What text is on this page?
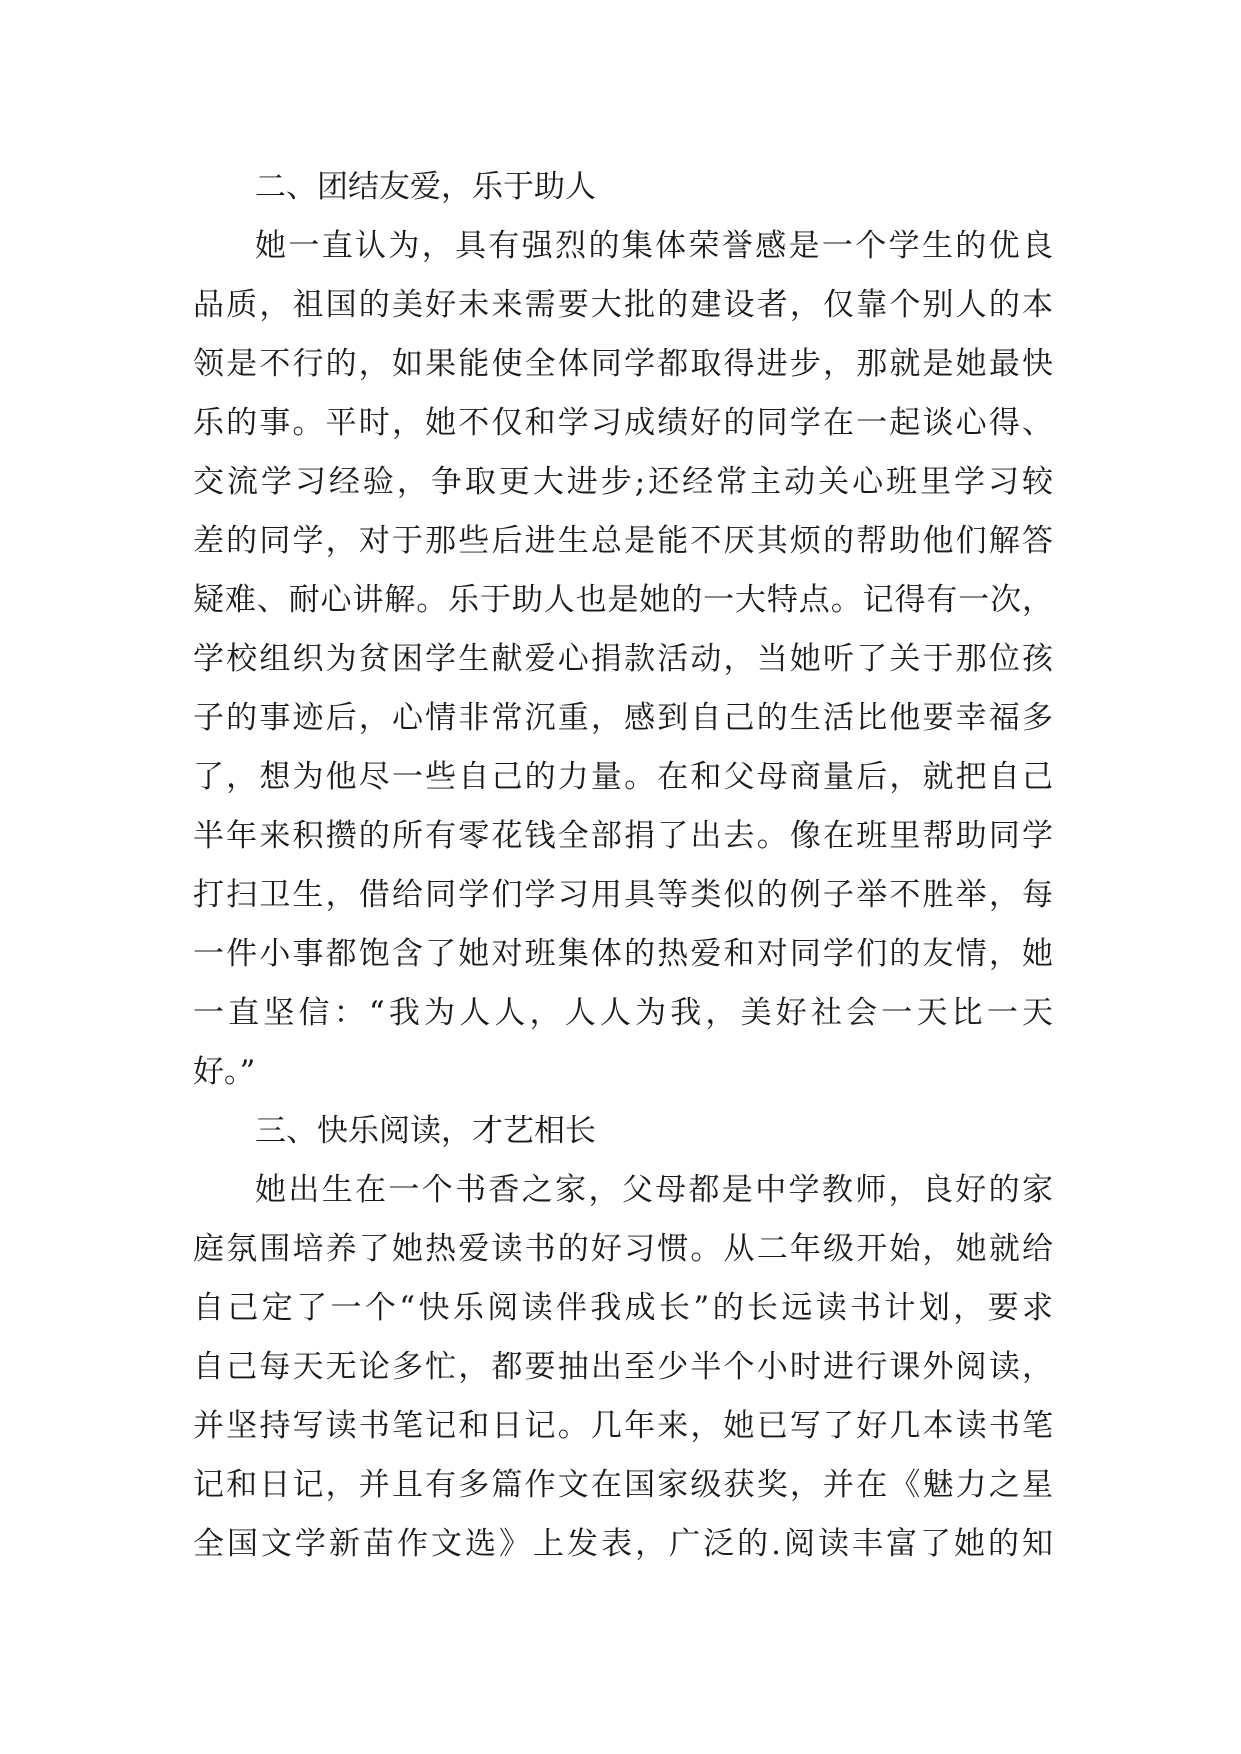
二、团结友爱，乐于助人
她一直认为，具有强烈的集体荣誉感是一个学生的优良
品质，祖国的美好未来需要大批的建设者，仅靠个别人的本
领是不行的，如果能使全体同学都取得进步，那就是她最快
乐的事。平时，她不仅和学习成绩好的同学在一起谈心得、
交流学习经验，争取更大进步;还经常主动关心班里学习较
差的同学，对于那些后进生总是能不厌其烦的帮助他们解答
疑难、耐心讲解。乐于助人也是她的一大特点。记得有一次，
学校组织为贫困学生献爱心捐款活动，当她听了关于那位孩
子的事迹后，心情非常沉重，感到自己的生活比他要幸福多
了，想为他尽一些自己的力量。在和父母商量后，就把自己
半年来积攒的所有零花钱全部捐了出去。像在班里帮助同学
打扫卫生，借给同学们学习用具等类似的例子举不胜举，每
一件小事都饱含了她对班集体的热爱和对同学们的友情，她
一直坚信：“我为人人，人人为我，美好社会一天比一天
好。”
三、快乐阅读，才艺相长
她出生在一个书香之家，父母都是中学教师，良好的家
庭氛围培养了她热爱读书的好习惯。从二年级开始，她就给
自己定了一个“快乐阅读伴我成长”的长远读书计划，要求
自己每天无论多忙，都要抽出至少半个小时进行课外阅读，
并坚持写读书笔记和日记。几年来，她已写了好几本读书笔
记和日记，并且有多篇作文在国家级获奖，并在《魅力之星
全国文学新苗作文选》上发表，广泛的.阅读丰富了她的知
